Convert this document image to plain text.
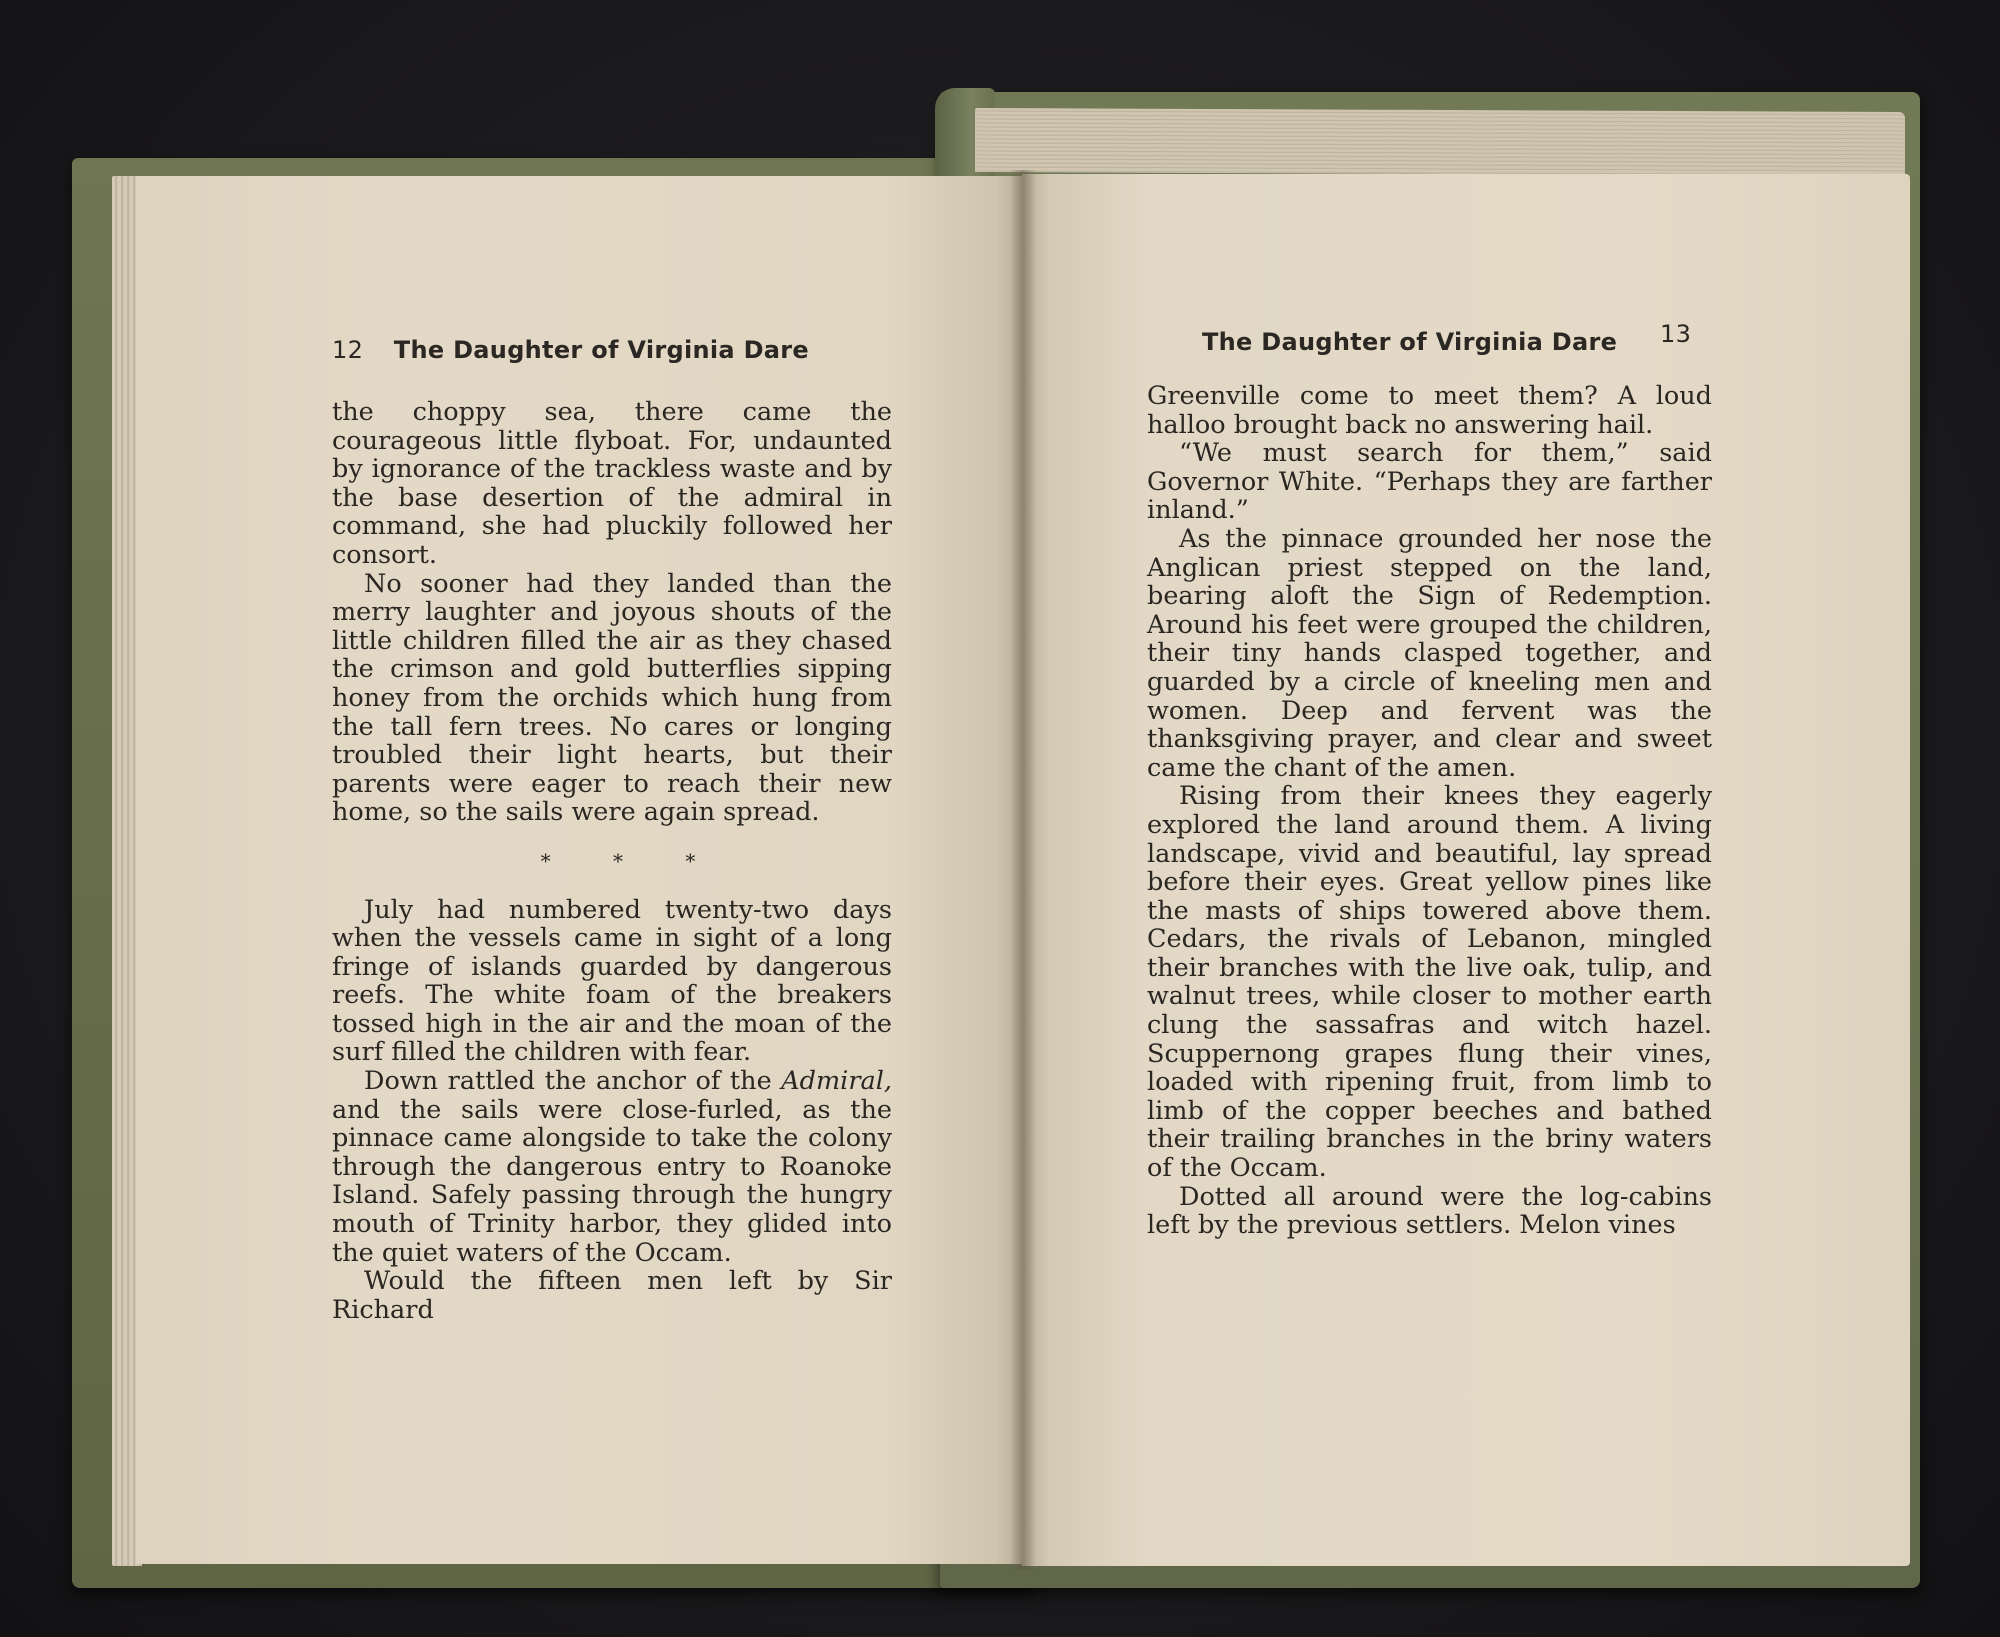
12 The Daughter of Virginia Dare

the choppy sea, there came the courageous little flyboat. For, undaunted by ignorance of the trackless waste and by the base desertion of the admiral in command, she had pluckily followed her consort.

No sooner had they landed than the merry laughter and joyous shouts of the little children filled the air as they chased the crimson and gold butterflies sipping honey from the orchids which hung from the tall fern trees. No cares or longing troubled their light hearts, but their parents were eager to reach their new home, so the sails were again spread.

* * *

July had numbered twenty-two days when the vessels came in sight of a long fringe of islands guarded by dangerous reefs. The white foam of the breakers tossed high in the air and the moan of the surf filled the children with fear.

Down rattled the anchor of the Admiral, and the sails were close-furled, as the pinnace came alongside to take the colony through the dangerous entry to Roanoke Island. Safely passing through the hungry mouth of Trinity harbor, they glided into the quiet waters of the Occam.

Would the fifteen men left by Sir Richard

The Daughter of Virginia Dare 13

Greenville come to meet them? A loud halloo brought back no answering hail.

“We must search for them,” said Governor White. “Perhaps they are farther inland.”

As the pinnace grounded her nose the Anglican priest stepped on the land, bearing aloft the Sign of Redemption. Around his feet were grouped the children, their tiny hands clasped together, and guarded by a circle of kneeling men and women. Deep and fervent was the thanksgiving prayer, and clear and sweet came the chant of the amen.

Rising from their knees they eagerly explored the land around them. A living landscape, vivid and beautiful, lay spread before their eyes. Great yellow pines like the masts of ships towered above them. Cedars, the rivals of Lebanon, mingled their branches with the live oak, tulip, and walnut trees, while closer to mother earth clung the sassafras and witch hazel. Scuppernong grapes flung their vines, loaded with ripening fruit, from limb to limb of the copper beeches and bathed their trailing branches in the briny waters of the Occam.

Dotted all around were the log-cabins left by the previous settlers. Melon vines
